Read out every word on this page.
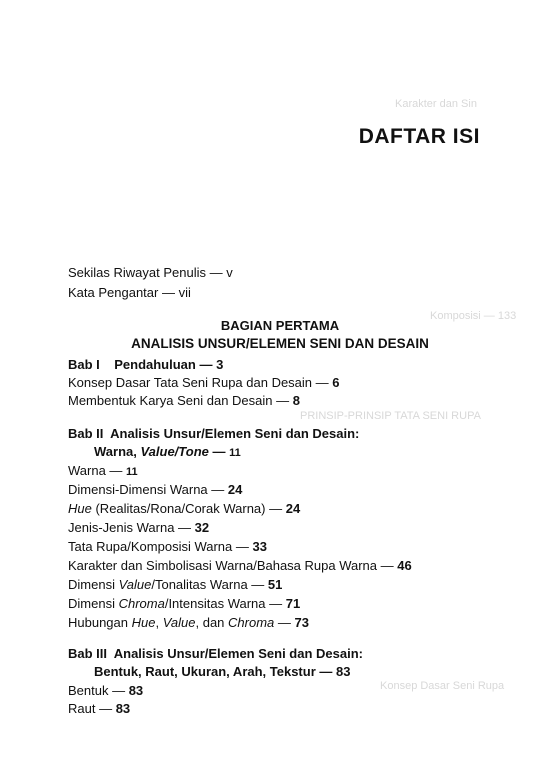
Karakter dan Sin
Komposisi — 133
PRINSIP-PRINSIP TATA SENI RUPA
Konsep Dasar Seni Rupa
DAFTAR ISI
Sekilas Riwayat Penulis — v
Kata Pengantar — vii
BAGIAN PERTAMA
ANALISIS UNSUR/ELEMEN SENI DAN DESAIN
Bab I    Pendahuluan — 3
Konsep Dasar Tata Seni Rupa dan Desain — 6
Membentuk Karya Seni dan Desain — 8
Bab II  Analisis Unsur/Elemen Seni dan Desain:
Warna, Value/Tone — 11
Warna — 11
Dimensi-Dimensi Warna — 24
Hue (Realitas/Rona/Corak Warna) — 24
Jenis-Jenis Warna — 32
Tata Rupa/Komposisi Warna — 33
Karakter dan Simbolisasi Warna/Bahasa Rupa Warna — 46
Dimensi Value/Tonalitas Warna — 51
Dimensi Chroma/Intensitas Warna — 71
Hubungan Hue, Value, dan Chroma — 73
Bab III  Analisis Unsur/Elemen Seni dan Desain:
Bentuk, Raut, Ukuran, Arah, Tekstur — 83
Bentuk — 83
Raut — 83
